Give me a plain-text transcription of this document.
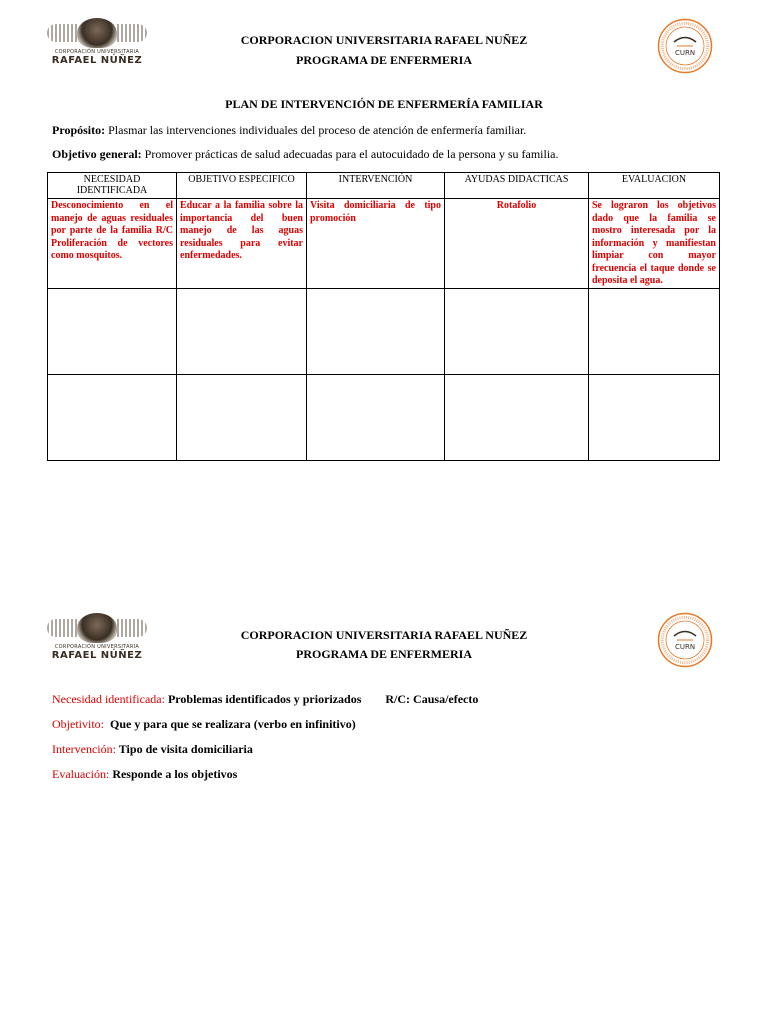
CORPORACIÓN UNIVERSITARIA
RAFAEL NÚÑEZ
CURN
CORPORACION UNIVERSITARIA RAFAEL NUÑEZ
PROGRAMA DE ENFERMERIA
PLAN DE INTERVENCIÓN DE ENFERMERÍA FAMILIAR
Propósito: Plasmar las intervenciones individuales del proceso de atención de enfermería familiar.
Objetivo general: Promover prácticas de salud adecuadas para el autocuidado de la persona y su familia.
NECESIDAD IDENTIFICADA	OBJETIVO ESPECIFICO	INTERVENCIÓN	AYUDAS DIDACTICAS	EVALUACION
Desconocimiento en el manejo de aguas residuales por parte de la familia R/C Proliferación de vectores como mosquitos.	Educar a la familia sobre la importancia del buen manejo de las aguas residuales para evitar enfermedades.	Visita domiciliaria de tipo promoción	Rotafolio	Se lograron los objetivos dado que la familia se mostro interesada por la información y manifiestan limpiar con mayor frecuencia el taque donde se deposita el agua.

CORPORACIÓN UNIVERSITARIA
RAFAEL NÚÑEZ
CURN
CORPORACION UNIVERSITARIA RAFAEL NUÑEZ
PROGRAMA DE ENFERMERIA
Necesidad identificada: Problemas identificados y priorizados        R/C: Causa/efecto
Objetivito:  Que y para que se realizara (verbo en infinitivo)
Intervención: Tipo de visita domiciliaria
Evaluación: Responde a los objetivos
